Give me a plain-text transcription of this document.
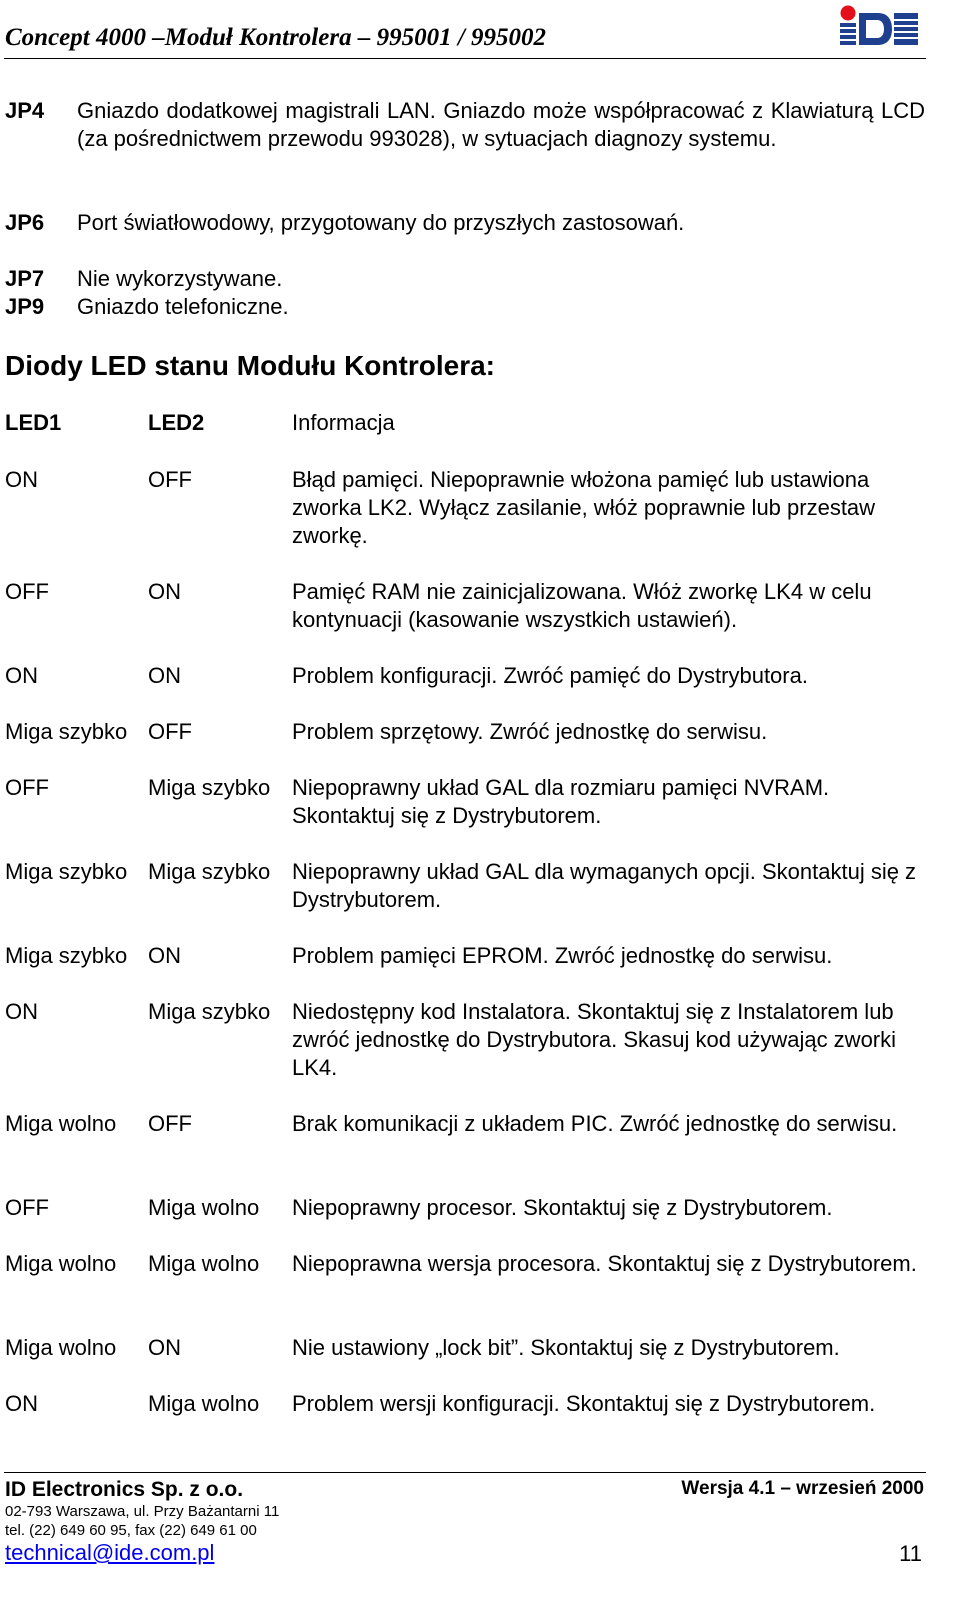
Concept 4000 –Moduł Kontrolera – 995001 / 995002
JP4 Gniazdo dodatkowej magistrali LAN. Gniazdo może współpracować z Klawiaturą LCD (za pośrednictwem przewodu 993028), w sytuacjach diagnozy systemu.
JP6 Port światłowodowy, przygotowany do przyszłych zastosowań.
JP7 Nie wykorzystywane.
JP9 Gniazdo telefoniczne.
Diody LED stanu Modułu Kontrolera:
LED1	LED2	Informacja
ON	OFF	Błąd pamięci. Niepoprawnie włożona pamięć lub ustawiona zworka LK2. Wyłącz zasilanie, włóż poprawnie lub przestaw zworkę.
OFF	ON	Pamięć RAM nie zainicjalizowana. Włóż zworkę LK4 w celu kontynuacji (kasowanie wszystkich ustawień).
ON	ON	Problem konfiguracji. Zwróć pamięć do Dystrybutora.
Miga szybko OFF	Problem sprzętowy. Zwróć jednostkę do serwisu.
OFF	Miga szybko Niepoprawny układ GAL dla rozmiaru pamięci NVRAM. Skontaktuj się z Dystrybutorem.
Miga szybko Miga szybko Niepoprawny układ GAL dla wymaganych opcji. Skontaktuj się z Dystrybutorem.
Miga szybko ON	Problem pamięci EPROM. Zwróć jednostkę do serwisu.
ON	Miga szybko Niedostępny kod Instalatora. Skontaktuj się z Instalatorem lub zwróć jednostkę do Dystrybutora. Skasuj kod używając zworki LK4.
Miga wolno OFF	Brak komunikacji z układem PIC. Zwróć jednostkę do serwisu.
OFF	Miga wolno Niepoprawny procesor. Skontaktuj się z Dystrybutorem.
Miga wolno Miga wolno Niepoprawna wersja procesora. Skontaktuj się z Dystrybutorem.
Miga wolno ON	Nie ustawiony „lock bit”. Skontaktuj się z Dystrybutorem.
ON	Miga wolno Problem wersji konfiguracji. Skontaktuj się z Dystrybutorem.
ID Electronics Sp. z o.o.
02-793 Warszawa, ul. Przy Bażantarni 11
tel. (22) 649 60 95, fax (22) 649 61 00
technical@ide.com.pl
Wersja 4.1 – wrzesień 2000
11
